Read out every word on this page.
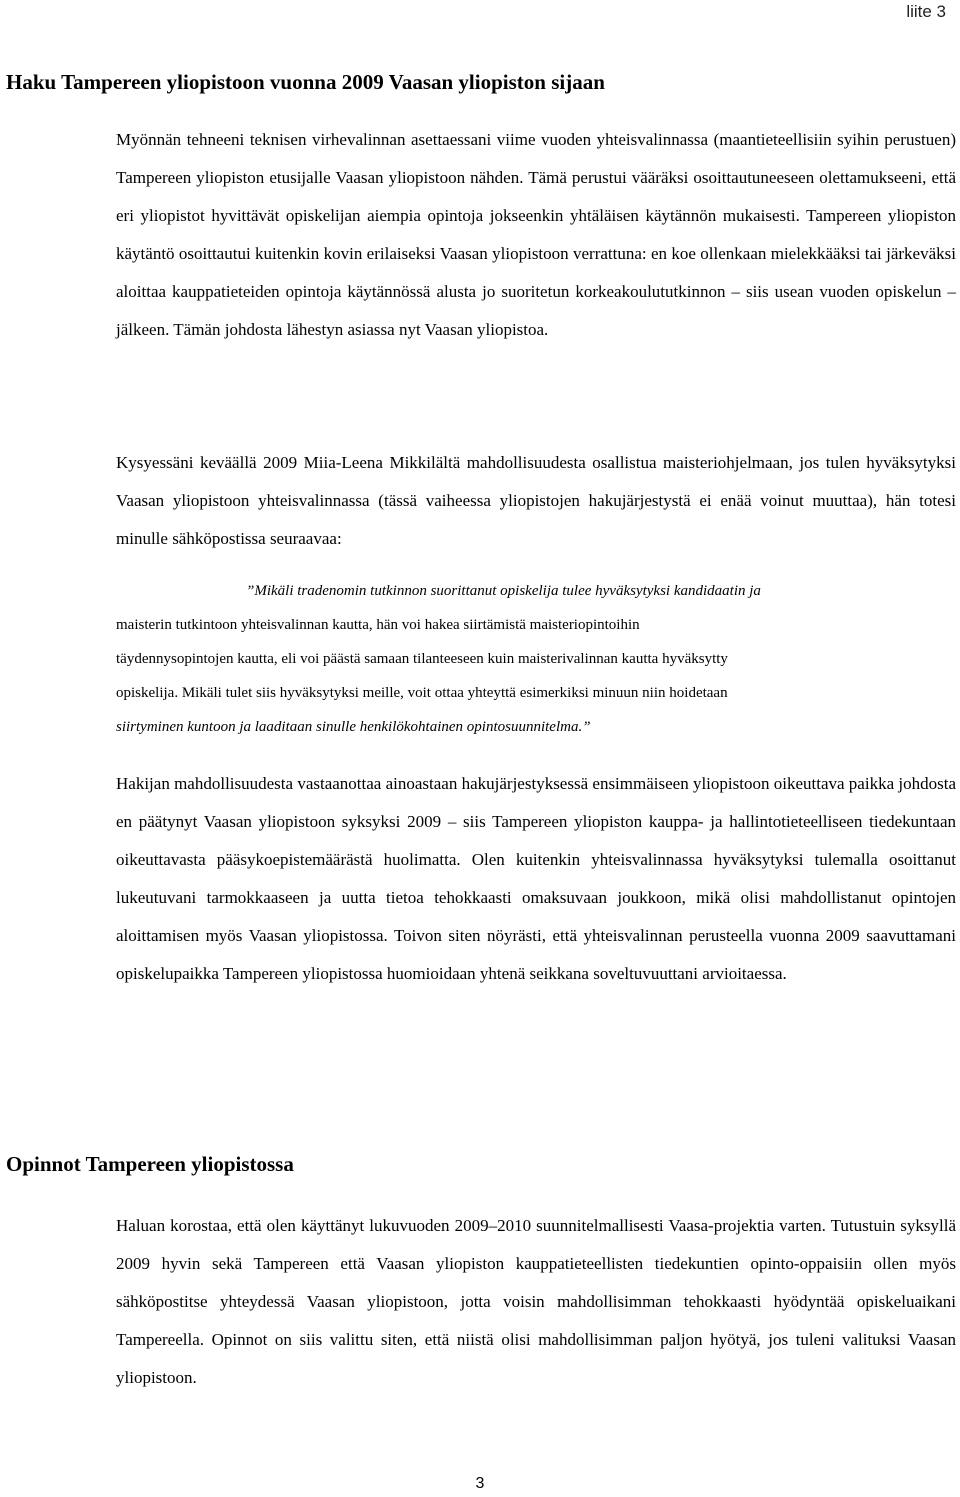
liite 3
Haku Tampereen yliopistoon vuonna 2009 Vaasan yliopiston sijaan

Myönnän tehneeni teknisen virhevalinnan asettaessani viime vuoden yhteisvalinnassa (maantieteellisiin syihin perustuen) Tampereen yliopiston etusijalle Vaasan yliopistoon nähden. Tämä perustui vääräksi osoittautuneeseen olettamukseeni, että eri yliopistot hyvittävät opiskelijan aiempia opintoja jokseenkin yhtäläisen käytännön mukaisesti. Tampereen yliopiston käytäntö osoittautui kuitenkin kovin erilaiseksi Vaasan yliopistoon verrattuna: en koe ollenkaan mielekkääksi tai järkeväksi aloittaa kauppatieteiden opintoja käytännössä alusta jo suoritetun korkeakoulututkinnon – siis usean vuoden opiskelun – jälkeen. Tämän johdosta lähestyn asiassa nyt Vaasan yliopistoa.

Kysyessäni keväällä 2009 Miia-Leena Mikkilältä mahdollisuudesta osallistua maisteriohjelmaan, jos tulen hyväksytyksi Vaasan yliopistoon yhteisvalinnassa (tässä vaiheessa yliopistojen hakujärjestystä ei enää voinut muuttaa), hän totesi minulle sähköpostissa seuraavaa:

”Mikäli tradenomin tutkinnon suorittanut opiskelija tulee hyväksytyksi kandidaatin ja
maisterin tutkintoon yhteisvalinnan kautta, hän voi hakea siirtämistä maisteriopintoihin
täydennysopintojen kautta, eli voi päästä samaan tilanteeseen kuin maisterivalinnan kautta hyväksytty
opiskelija. Mikäli tulet siis hyväksytyksi meille, voit ottaa yhteyttä esimerkiksi minuun niin hoidetaan
siirtyminen kuntoon ja laaditaan sinulle henkilökohtainen opintosuunnitelma.”

Hakijan mahdollisuudesta vastaanottaa ainoastaan hakujärjestyksessä ensimmäiseen yliopistoon oikeuttava paikka johdosta en päätynyt Vaasan yliopistoon syksyksi 2009 – siis Tampereen yliopiston kauppa- ja hallintotieteelliseen tiedekuntaan oikeuttavasta pääsykoepistemäärästä huolimatta. Olen kuitenkin yhteisvalinnassa hyväksytyksi tulemalla osoittanut lukeutuvani tarmokkaaseen ja uutta tietoa tehokkaasti omaksuvaan joukkoon, mikä olisi mahdollistanut opintojen aloittamisen myös Vaasan yliopistossa. Toivon siten nöyrästi, että yhteisvalinnan perusteella vuonna 2009 saavuttamani opiskelupaikka Tampereen yliopistossa huomioidaan yhtenä seikkana soveltuvuuttani arvioitaessa.

Opinnot Tampereen yliopistossa

Haluan korostaa, että olen käyttänyt lukuvuoden 2009–2010 suunnitelmallisesti Vaasa-projektia varten. Tutustuin syksyllä 2009 hyvin sekä Tampereen että Vaasan yliopiston kauppatieteellisten tiedekuntien opinto-oppaisiin ollen myös sähköpostitse yhteydessä Vaasan yliopistoon, jotta voisin mahdollisimman tehokkaasti hyödyntää opiskeluaikani Tampereella. Opinnot on siis valittu siten, että niistä olisi mahdollisimman paljon hyötyä, jos tuleni valituksi Vaasan yliopistoon.

3
